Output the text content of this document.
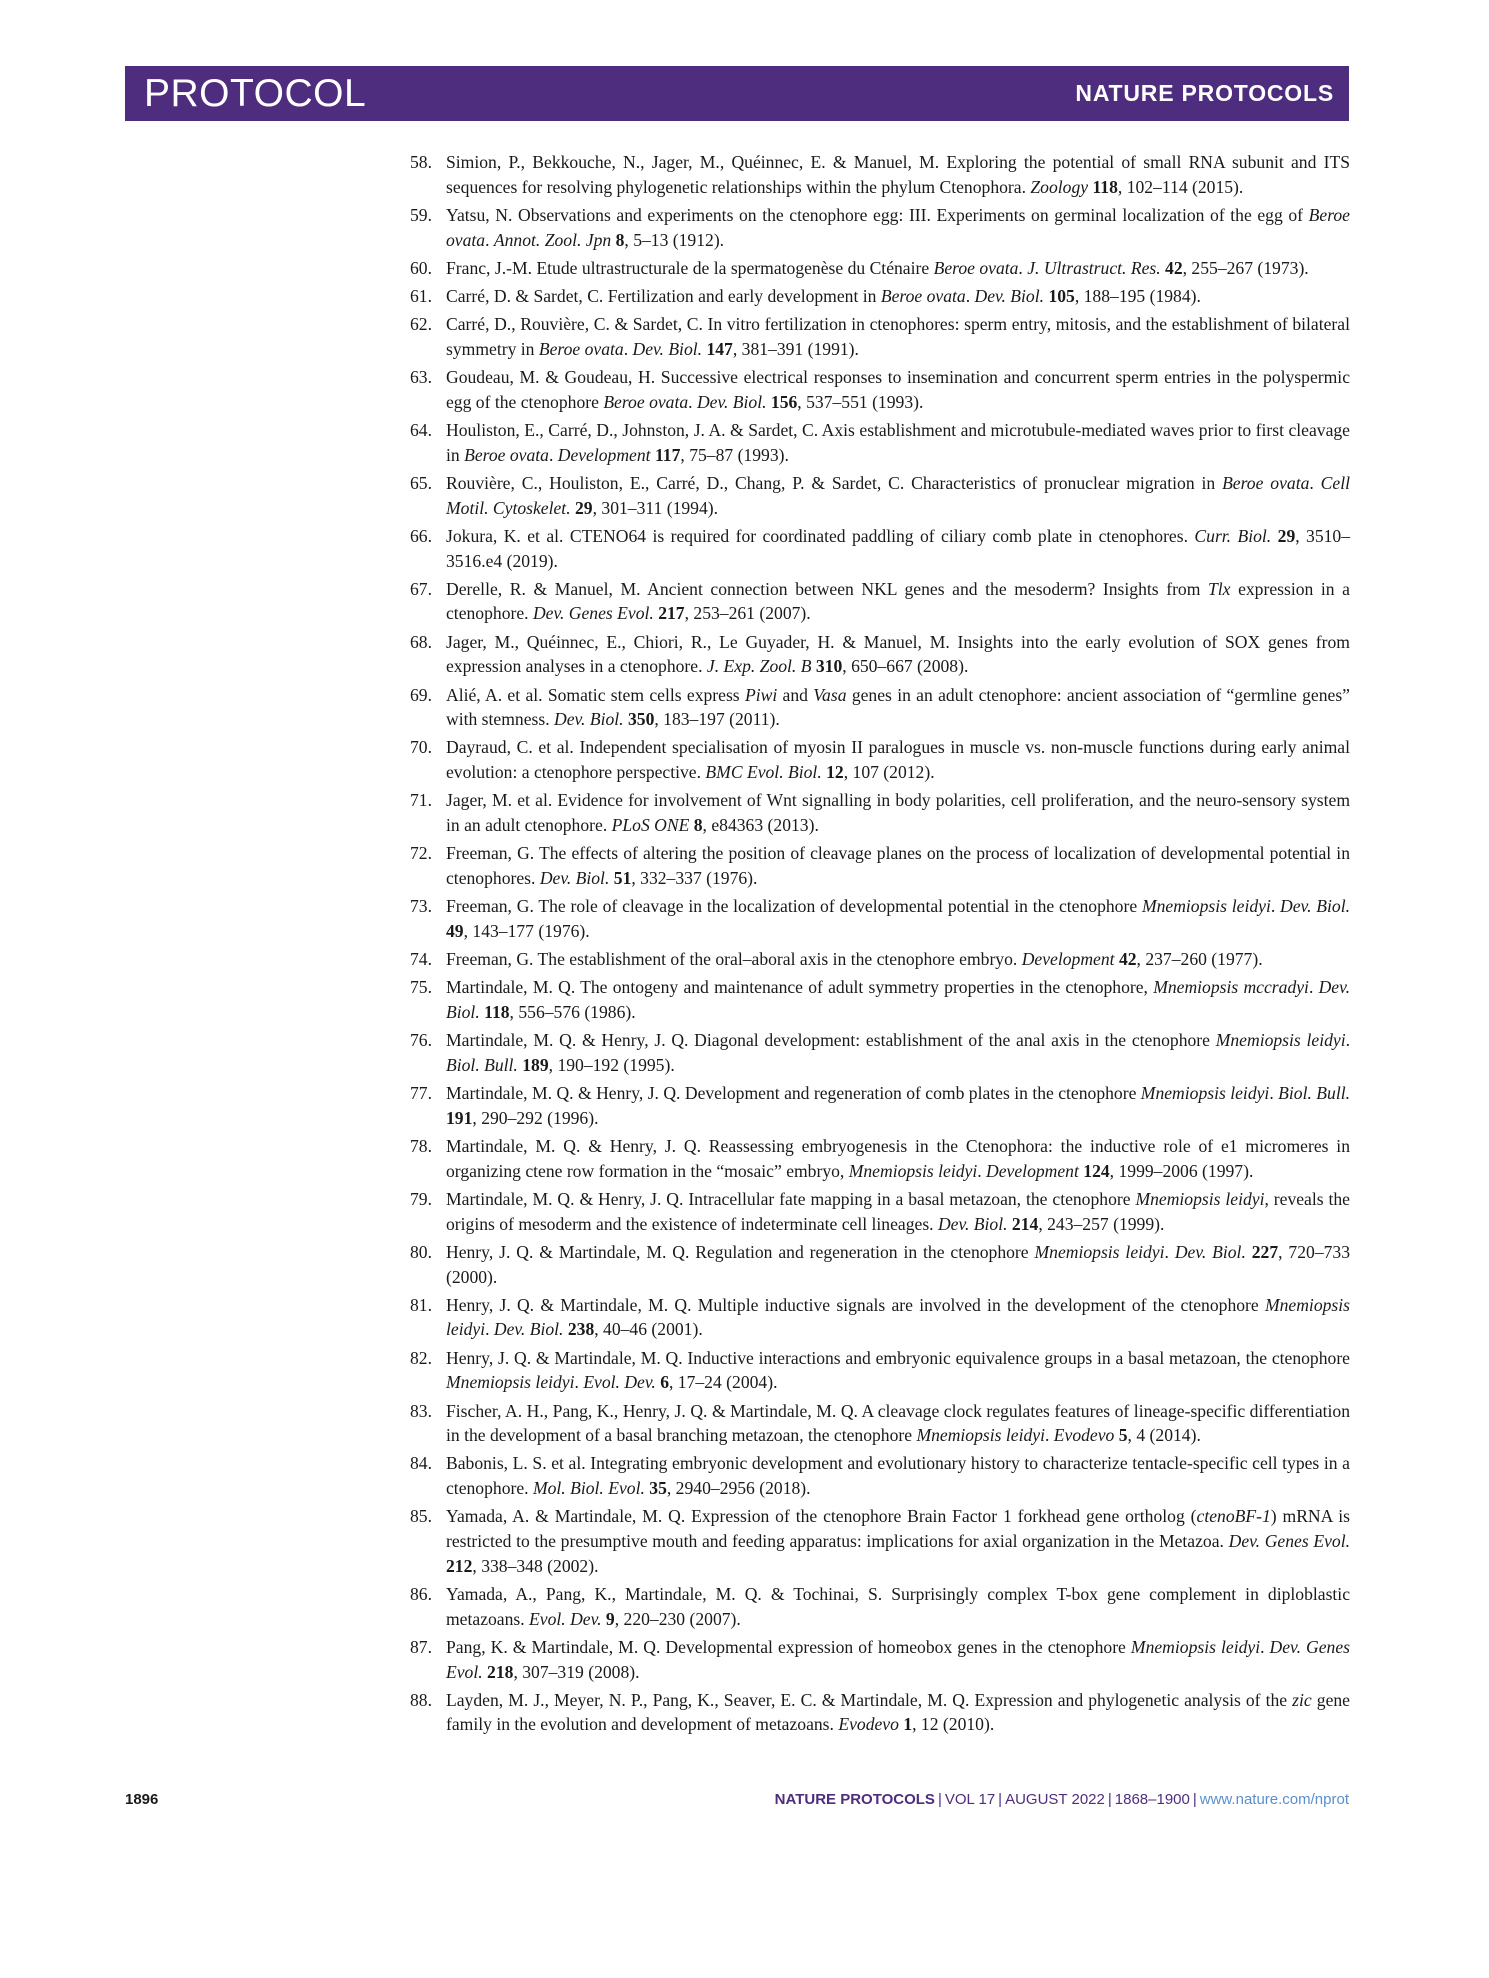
PROTOCOL	NATURE PROTOCOLS
58. Simion, P., Bekkouche, N., Jager, M., Quéinnec, E. & Manuel, M. Exploring the potential of small RNA subunit and ITS sequences for resolving phylogenetic relationships within the phylum Ctenophora. Zoology 118, 102–114 (2015).
59. Yatsu, N. Observations and experiments on the ctenophore egg: III. Experiments on germinal localization of the egg of Beroe ovata. Annot. Zool. Jpn 8, 5–13 (1912).
60. Franc, J.-M. Etude ultrastructurale de la spermatogenèse du Cténaire Beroe ovata. J. Ultrastruct. Res. 42, 255–267 (1973).
61. Carré, D. & Sardet, C. Fertilization and early development in Beroe ovata. Dev. Biol. 105, 188–195 (1984).
62. Carré, D., Rouvière, C. & Sardet, C. In vitro fertilization in ctenophores: sperm entry, mitosis, and the establishment of bilateral symmetry in Beroe ovata. Dev. Biol. 147, 381–391 (1991).
63. Goudeau, M. & Goudeau, H. Successive electrical responses to insemination and concurrent sperm entries in the polyspermic egg of the ctenophore Beroe ovata. Dev. Biol. 156, 537–551 (1993).
64. Houliston, E., Carré, D., Johnston, J. A. & Sardet, C. Axis establishment and microtubule-mediated waves prior to first cleavage in Beroe ovata. Development 117, 75–87 (1993).
65. Rouvière, C., Houliston, E., Carré, D., Chang, P. & Sardet, C. Characteristics of pronuclear migration in Beroe ovata. Cell Motil. Cytoskelet. 29, 301–311 (1994).
66. Jokura, K. et al. CTENO64 is required for coordinated paddling of ciliary comb plate in ctenophores. Curr. Biol. 29, 3510–3516.e4 (2019).
67. Derelle, R. & Manuel, M. Ancient connection between NKL genes and the mesoderm? Insights from Tlx expression in a ctenophore. Dev. Genes Evol. 217, 253–261 (2007).
68. Jager, M., Quéinnec, E., Chiori, R., Le Guyader, H. & Manuel, M. Insights into the early evolution of SOX genes from expression analyses in a ctenophore. J. Exp. Zool. B 310, 650–667 (2008).
69. Alié, A. et al. Somatic stem cells express Piwi and Vasa genes in an adult ctenophore: ancient association of “germline genes” with stemness. Dev. Biol. 350, 183–197 (2011).
70. Dayraud, C. et al. Independent specialisation of myosin II paralogues in muscle vs. non-muscle functions during early animal evolution: a ctenophore perspective. BMC Evol. Biol. 12, 107 (2012).
71. Jager, M. et al. Evidence for involvement of Wnt signalling in body polarities, cell proliferation, and the neuro-sensory system in an adult ctenophore. PLoS ONE 8, e84363 (2013).
72. Freeman, G. The effects of altering the position of cleavage planes on the process of localization of developmental potential in ctenophores. Dev. Biol. 51, 332–337 (1976).
73. Freeman, G. The role of cleavage in the localization of developmental potential in the ctenophore Mnemiopsis leidyi. Dev. Biol. 49, 143–177 (1976).
74. Freeman, G. The establishment of the oral–aboral axis in the ctenophore embryo. Development 42, 237–260 (1977).
75. Martindale, M. Q. The ontogeny and maintenance of adult symmetry properties in the ctenophore, Mnemiopsis mccradyi. Dev. Biol. 118, 556–576 (1986).
76. Martindale, M. Q. & Henry, J. Q. Diagonal development: establishment of the anal axis in the ctenophore Mnemiopsis leidyi. Biol. Bull. 189, 190–192 (1995).
77. Martindale, M. Q. & Henry, J. Q. Development and regeneration of comb plates in the ctenophore Mnemiopsis leidyi. Biol. Bull. 191, 290–292 (1996).
78. Martindale, M. Q. & Henry, J. Q. Reassessing embryogenesis in the Ctenophora: the inductive role of e1 micromeres in organizing ctene row formation in the “mosaic” embryo, Mnemiopsis leidyi. Development 124, 1999–2006 (1997).
79. Martindale, M. Q. & Henry, J. Q. Intracellular fate mapping in a basal metazoan, the ctenophore Mnemiopsis leidyi, reveals the origins of mesoderm and the existence of indeterminate cell lineages. Dev. Biol. 214, 243–257 (1999).
80. Henry, J. Q. & Martindale, M. Q. Regulation and regeneration in the ctenophore Mnemiopsis leidyi. Dev. Biol. 227, 720–733 (2000).
81. Henry, J. Q. & Martindale, M. Q. Multiple inductive signals are involved in the development of the ctenophore Mnemiopsis leidyi. Dev. Biol. 238, 40–46 (2001).
82. Henry, J. Q. & Martindale, M. Q. Inductive interactions and embryonic equivalence groups in a basal metazoan, the ctenophore Mnemiopsis leidyi. Evol. Dev. 6, 17–24 (2004).
83. Fischer, A. H., Pang, K., Henry, J. Q. & Martindale, M. Q. A cleavage clock regulates features of lineage-specific differentiation in the development of a basal branching metazoan, the ctenophore Mnemiopsis leidyi. Evodevo 5, 4 (2014).
84. Babonis, L. S. et al. Integrating embryonic development and evolutionary history to characterize tentacle-specific cell types in a ctenophore. Mol. Biol. Evol. 35, 2940–2956 (2018).
85. Yamada, A. & Martindale, M. Q. Expression of the ctenophore Brain Factor 1 forkhead gene ortholog (ctenoBF-1) mRNA is restricted to the presumptive mouth and feeding apparatus: implications for axial organization in the Metazoa. Dev. Genes Evol. 212, 338–348 (2002).
86. Yamada, A., Pang, K., Martindale, M. Q. & Tochinai, S. Surprisingly complex T-box gene complement in diploblastic metazoans. Evol. Dev. 9, 220–230 (2007).
87. Pang, K. & Martindale, M. Q. Developmental expression of homeobox genes in the ctenophore Mnemiopsis leidyi. Dev. Genes Evol. 218, 307–319 (2008).
88. Layden, M. J., Meyer, N. P., Pang, K., Seaver, E. C. & Martindale, M. Q. Expression and phylogenetic analysis of the zic gene family in the evolution and development of metazoans. Evodevo 1, 12 (2010).
1896	NATURE PROTOCOLS | VOL 17 | AUGUST 2022 | 1868–1900 | www.nature.com/nprot
